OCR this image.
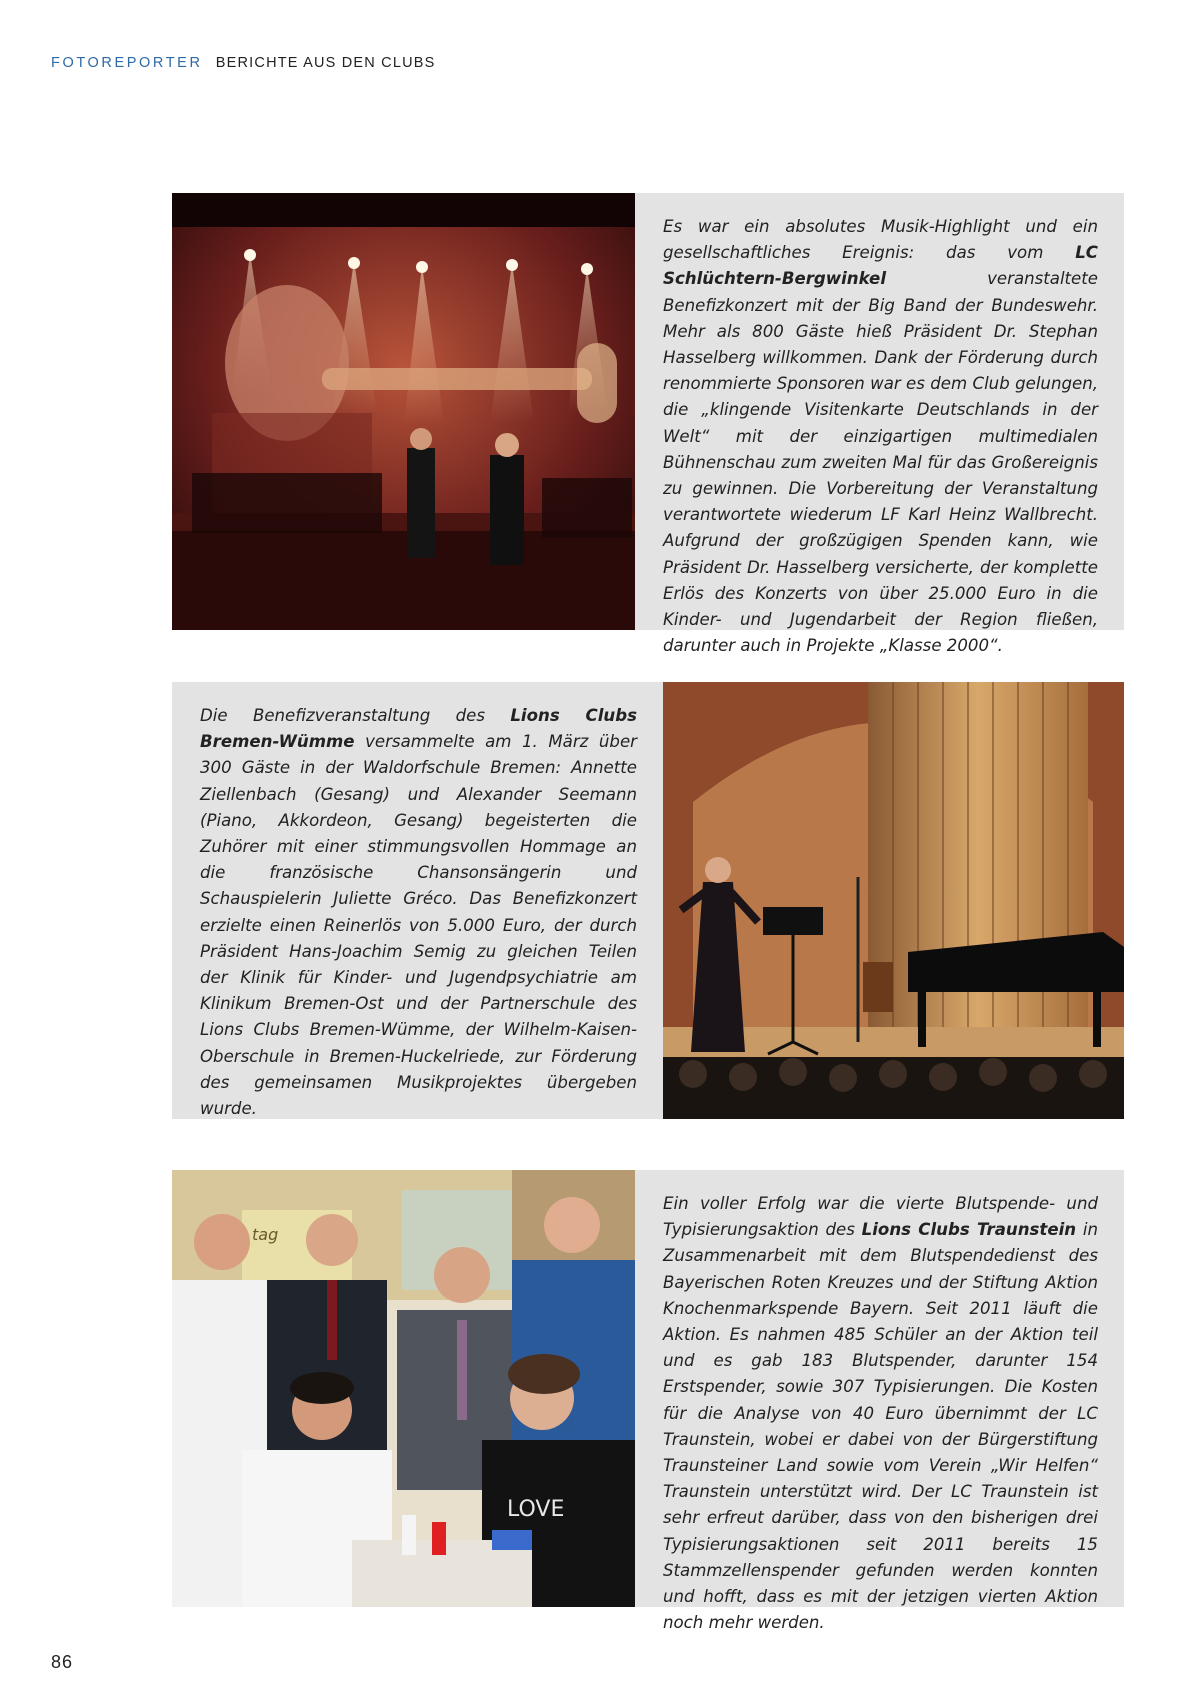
FOTOREPORTER BERICHTE AUS DEN CLUBS

Es war ein absolutes Musik-Highlight und ein gesellschaftliches Ereignis: das vom LC Schlüchtern-Bergwinkel veranstaltete Benefizkonzert mit der Big Band der Bundeswehr. Mehr als 800 Gäste hieß Präsident Dr. Stephan Hasselberg willkommen. Dank der Förderung durch renommierte Sponsoren war es dem Club gelungen, die „klingende Visitenkarte Deutschlands in der Welt“ mit der einzigartigen multimedialen Bühnenschau zum zweiten Mal für das Großereignis zu gewinnen. Die Vorbereitung der Veranstaltung verantwortete wiederum LF Karl Heinz Wallbrecht. Aufgrund der großzügigen Spenden kann, wie Präsident Dr. Hasselberg versicherte, der komplette Erlös des Konzerts von über 25.000 Euro in die Kinder- und Jugendarbeit der Region fließen, darunter auch in Projekte „Klasse 2000“.

Die Benefizveranstaltung des Lions Clubs Bremen-Wümme versammelte am 1. März über 300 Gäste in der Waldorfschule Bremen: Annette Ziellenbach (Gesang) und Alexander Seemann (Piano, Akkordeon, Gesang) begeisterten die Zuhörer mit einer stimmungsvollen Hommage an die französische Chansonsängerin und Schauspielerin Juliette Gréco. Das Benefizkonzert erzielte einen Reinerlös von 5.000 Euro, der durch Präsident Hans-Joachim Semig zu gleichen Teilen der Klinik für Kinder- und Jugendpsychiatrie am Klinikum Bremen-Ost und der Partnerschule des Lions Clubs Bremen-Wümme, der Wilhelm-Kaisen-Oberschule in Bremen-Huckelriede, zur Förderung des gemeinsamen Musikprojektes übergeben wurde.

tag
LOVE

Ein voller Erfolg war die vierte Blutspende- und Typisierungsaktion des Lions Clubs Traunstein in Zusammenarbeit mit dem Blutspendedienst des Bayerischen Roten Kreuzes und der Stiftung Aktion Knochenmarkspende Bayern. Seit 2011 läuft die Aktion. Es nahmen 485 Schüler an der Aktion teil und es gab 183 Blutspender, darunter 154 Erstspender, sowie 307 Typisierungen. Die Kosten für die Analyse von 40 Euro übernimmt der LC Traunstein, wobei er dabei von der Bürgerstiftung Traunsteiner Land sowie vom Verein „Wir Helfen“ Traunstein unterstützt wird. Der LC Traunstein ist sehr erfreut darüber, dass von den bisherigen drei Typisierungsaktionen seit 2011 bereits 15 Stammzellenspender gefunden werden konnten und hofft, dass es mit der jetzigen vierten Aktion noch mehr werden.

86
